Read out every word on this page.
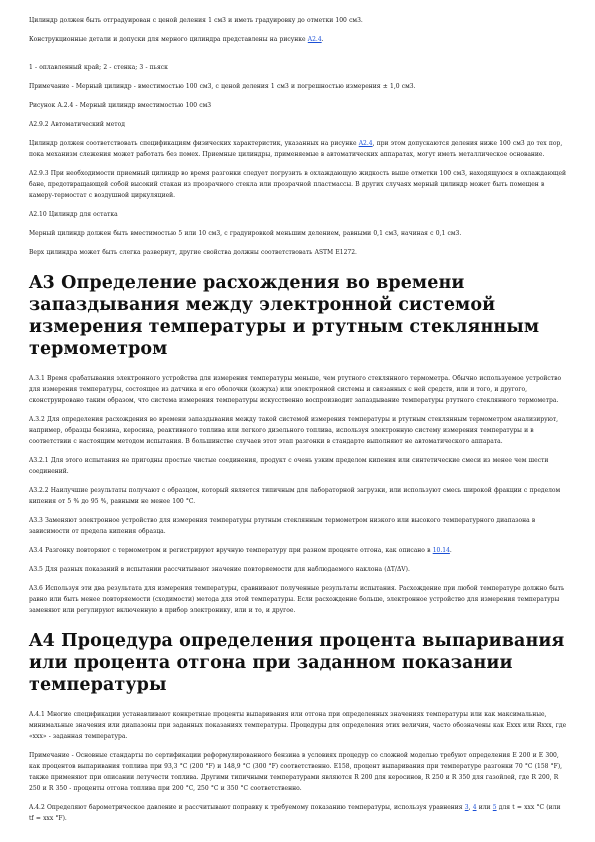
Цилиндр должен быть отградуирован с ценой деления 1 см3 и иметь градуировку до отметки 100 см3.

Конструкционные детали и допуски для мерного цилиндра представлены на рисунке A2.4.

1 - оплавленный край; 2 - стенка; 3 - пьяск

Примечание - Мерный цилиндр - вместимостью 100 см3, с ценой деления 1 см3 и погрешностью измерения ± 1,0 см3.

Рисунок A.2.4 - Мерный цилиндр вместимостью 100 см3

A2.9.2 Автоматический метод

Цилиндр должен соответствовать спецификациям физических характеристик, указанных на рисунке A2.4, при этом допускаются деления ниже 100 см3 до тех пор, пока механизм слежения может работать без помех. Приемные цилиндры, применяемые в автоматических аппаратах, могут иметь металлическое основание.

A2.9.3 При необходимости приемный цилиндр во время разгонки следует погрузить в охлаждающую жидкость выше отметки 100 см3, находящуюся в охлаждающей бане, предотвращающей собой высокий стакан из прозрачного стекла или прозрачной пластмассы. В других случаях мерный цилиндр может быть помещен в камеру-термостат с воздушной циркуляцией.

A2.10 Цилиндр для остатка

Мерный цилиндр должен быть вместимостью 5 или 10 см3, с градуировкой меньшим делением, равными 0,1 см3, начиная с 0,1 см3.

Верх цилиндра может быть слегка развернут, другие свойства должны соответствовать ASTM E1272.

A3 Определение расхождения во времени запаздывания между электронной системой измерения температуры и ртутным стеклянным термометром

A.3.1 Время срабатывания электронного устройства для измерения температуры меньше, чем ртутного стеклянного термометра. Обычно используемое устройство для измерения температуры, состоящее из датчика и его оболочки (кожуха) или электронной системы и связанных с ней средств, или и того, и другого, сконструировано таким образом, что система измерения температуры искусственно воспроизводит запаздывание температуры ртутного стеклянного термометра.

A.3.2 Для определения расхождения во времени запаздывания между такой системой измерения температуры и ртутным стеклянным термометром анализируют, например, образцы бензина, керосина, реактивного топлива или легкого дизельного топлива, используя электронную систему измерения температуры и в соответствии с настоящим методом испытания. В большинстве случаев этот этап разгонки в стандарте выполняют не автоматического аппарата.

A3.2.1 Для этого испытания не пригодны простые чистые соединения, продукт с очень узким пределом кипения или синтетические смеси из менее чем шести соединений.

A3.2.2 Наилучшие результаты получают с образцом, который является типичным для лабораторной загрузки, или используют смесь широкой фракции с пределом кипения от 5 % до 95 %, равными не менее 100 °C.

A3.3 Заменяют электронное устройство для измерения температуры ртутным стеклянным термометром низкого или высокого температурного диапазона в зависимости от предела кипения образца.

A3.4 Разгонку повторяют с термометром и регистрируют вручную температуру при разном проценте отгона, как описано в 10.14.

A3.5 Для разных показаний в испытании рассчитывают значение повторяемости для наблюдаемого наклона (ΔT/ΔV).

A3.6 Используя эти два результата для измерения температуры, сравнивают полученные результаты испытания. Расхождение при любой температуре должно быть равно или быть менее повторяемости (сходимости) метода для этой температуры. Если расхождение больше, электронное устройство для измерения температуры заменяют или регулируют включенную в прибор электронику, или и то, и другое.

A4 Процедура определения процента выпаривания или процента отгона при заданном показании температуры

A.4.1 Многие спецификации устанавливают конкретные проценты выпаривания или отгона при определенных значениях температуры или как максимальные, минимальные значения или диапазоны при заданных показаниях температуры. Процедуры для определения этих величин, часто обозначены как Exxx или Rxxx, где «xxx» - заданная температура.

Примечание - Основные стандарты по сертификации реформулированного бензина в условиях процедур со сложной моделью требуют определения E 200 и E 300, как процентов выпаривания топлива при 93,3 °C (200 °F) и 148,9 °C (300 °F) соответственно. E158, процент выпаривания при температуре разгонки 70 °C (158 °F), также применяют при описании летучести топлива. Другими типичными температурами являются R 200 для керосинов, R 250 и R 350 для газойлей, где R 200, R 250 и R 350 - проценты отгона топлива при 200 °C, 250 °C и 350 °C соответственно.

A.4.2 Определяют барометрическое давление и рассчитывают поправку к требуемому показанию температуры, используя уравнения 3, 4 или 5 для t = xxx °C (или tf = xxx °F).
